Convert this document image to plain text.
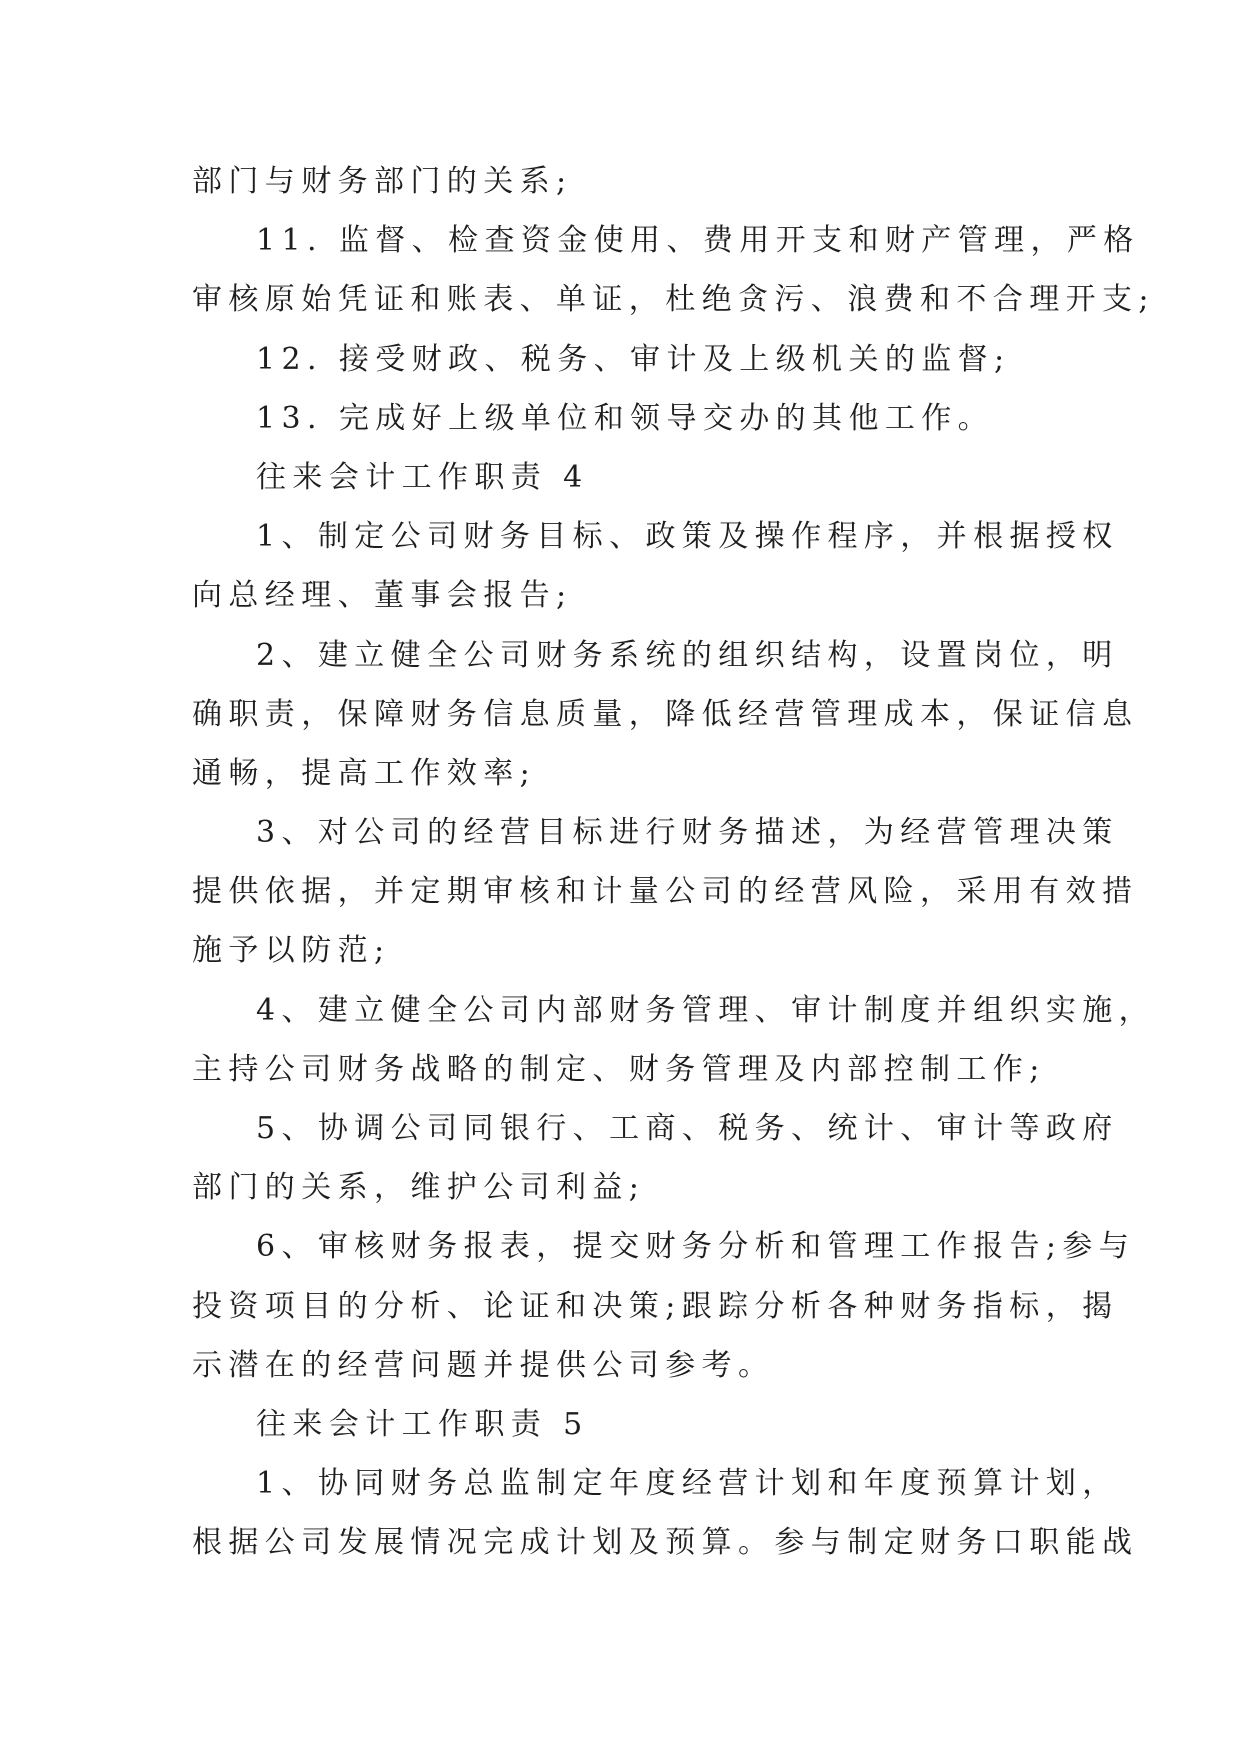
部门与财务部门的关系;

11. 监督、检查资金使用、费用开支和财产管理，严格

审核原始凭证和账表、单证，杜绝贪污、浪费和不合理开支;

12. 接受财政、税务、审计及上级机关的监督;

13. 完成好上级单位和领导交办的其他工作。

往来会计工作职责 4

1、制定公司财务目标、政策及操作程序，并根据授权

向总经理、董事会报告;

2、建立健全公司财务系统的组织结构，设置岗位，明

确职责，保障财务信息质量，降低经营管理成本，保证信息

通畅，提高工作效率;

3、对公司的经营目标进行财务描述，为经营管理决策

提供依据，并定期审核和计量公司的经营风险，采用有效措

施予以防范;

4、建立健全公司内部财务管理、审计制度并组织实施，

主持公司财务战略的制定、财务管理及内部控制工作;

5、协调公司同银行、工商、税务、统计、审计等政府

部门的关系，维护公司利益;

6、审核财务报表，提交财务分析和管理工作报告;参与

投资项目的分析、论证和决策;跟踪分析各种财务指标，揭

示潜在的经营问题并提供公司参考。

往来会计工作职责 5

1、协同财务总监制定年度经营计划和年度预算计划，

根据公司发展情况完成计划及预算。参与制定财务口职能战
